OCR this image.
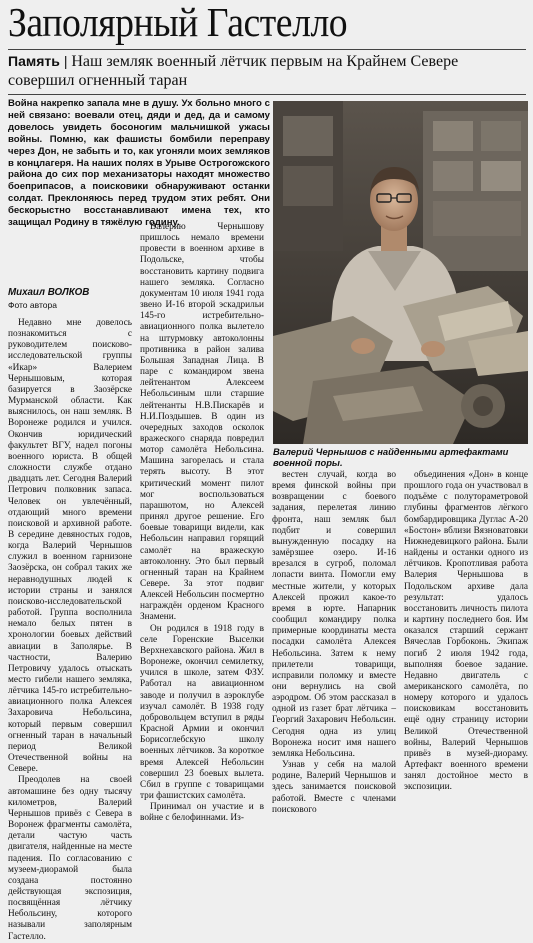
Заполярный Гастелло
Память | Наш земляк военный лётчик первым на Крайнем Севере совершил огненный таран
Война накрепко запала мне в душу. Ух больно много с ней связано: воевали отец, дяди и дед, да и самому довелось увидеть босоногим мальчишкой ужасы войны. Помню, как фашисты бомбили переправу через Дон, не забыть и то, как угоняли моих земляков в концлагеря. На наших полях в Урыве Острогожского района до сих пор механизаторы находят множество боеприпасов, а поисковики обнаруживают останки солдат. Преклоняюсь перед трудом этих ребят. Они бескорыстно восстанавливают имена тех, кто защищал Родину в тяжёлую годину.
Михаил ВОЛКОВ
Фото автора

Недавно мне довелось познакомиться с руководителем поисково-исследовательской группы «Икар» Валерием Чернышовым, которая базируется в Заозёрске Мурманской области. Как выяснилось, он наш земляк. В Воронеже родился и учился. Окончив юридический факультет ВГУ, надел погоны военного юриста. В общей сложности службе отдано двадцать лет. Сегодня Валерий Петрович полковник запаса. Человек он увлечённый, отдающий много времени поисковой и архивной работе. В середине девяностых годов, когда Валерий Чернышов служил в военном гарнизоне Заозёрска, он собрал таких же неравнодушных людей к истории страны и занялся поисково-исследовательской работой. Группа восполнила немало белых пятен в хронологии боевых действий авиации в Заполярье. В частности, Валерию Петровичу удалось отыскать место гибели нашего земляка, лётчика 145-го истребительно-авиационного полка Алексея Захаровича Небольсина, который первым совершил огненный таран в начальный период Великой Отечественной войны на Севере.

Преодолев на своей автомашине без одну тысячу километров, Валерий Чернышов привёз с Севера в Воронеж фрагменты самолёта, детали частую часть двигателя, найденные на месте падения. По согласованию с музеем-диорамой была создана постоянно действующая экспозиция, посвящённая лётчику Небольсину, которого называли заполярным Гастелло.

Валерию Чернышову пришлось немало времени провести в военном архиве в Подольске, чтобы восстановить картину подвига нашего земляка. Согласно документам 10 июля 1941 года звено И-16 второй эскадрильи 145-го истребительно-авиационного полка вылетело на штурмовку автоколонны противника в район залива Большая Западная Лица. В паре с командиром звена лейтенантом Алексеем Небольсиным шли старшие лейтенанты Н.В.Пискарёв и Н.И.Поздышев. В один из очередных заходов осколок вражеского снаряда повредил мотор самолёта Небольсина. Машина загорелась и стала терять высоту. В этот критический момент пилот мог воспользоваться парашютом, но Алексей принял другое решение. Его боевые товарищи видели, как Небольсин направил горящий самолёт на вражескую автоколонну. Это был первый огненный таран на Крайнем Севере. За этот подвиг Алексей Небольсин посмертно награждён орденом Красного Знамени.

Он родился в 1918 году в селе Горенские Выселки Верхнехавского района. Жил в Воронеже, окончил семилетку, учился в школе, затем ФЗУ. Работал на авиационном заводе и получил в аэроклубе изучал самолёт. В 1938 году добровольцем вступил в ряды Красной Армии и окончил Борисоглебскую школу военных лётчиков. За короткое время Алексей Небольсин совершил 23 боевых вылета. Сбил в группе с товарищами три фашистских самолёта.

Принимал он участие и в войне с белофиннами. Из-

Валерий Чернышов с найденными артефактами военной поры.

вестен случай, когда во время финской войны при возвращении с боевого задания, перелетая линию фронта, наш земляк был подбит и совершил вынужденную посадку на замёрзшее озеро. И-16 врезался в сугроб, поломал лопасти винта. Помогли ему местные жители, у которых Алексей прожил какое-то время в юрте. Напарник сообщил командиру полка примерные координаты места посадки самолёта Алексея Небольсина. Затем к нему прилетели товарищи, исправили поломку и вместе они вернулись на свой аэродром. Об этом рассказал в одной из газет брат лётчика – Георгий Захарович Небольсин. Сегодня одна из улиц Воронежа носит имя нашего земляка Небольсина.

Узнав у себя на малой родине, Валерий Чернышов и здесь занимается поисковой работой. Вместе с членами поискового

объединения «Дон» в конце прошлого года он участвовал в подъёме с полутораметровой глубины фрагментов лёгкого бомбардировщика Дуглас А-20 «Бостон» вблизи Вязноватовки Нижнедевицкого района. Были найдены и останки одного из лётчиков. Кропотливая работа Валерия Чернышова в Подольском архиве дала результат: удалось восстановить личность пилота и картину последнего боя. Им оказался старший сержант Вячеслав Горбоконь. Экипаж погиб 2 июля 1942 года, выполняя боевое задание. Недавно двигатель с американского самолёта, по номеру которого и удалось поисковикам восстановить ещё одну страницу истории Великой Отечественной войны, Валерий Чернышов привёз в музей-диораму. Артефакт военного времени занял достойное место в экспозиции.
